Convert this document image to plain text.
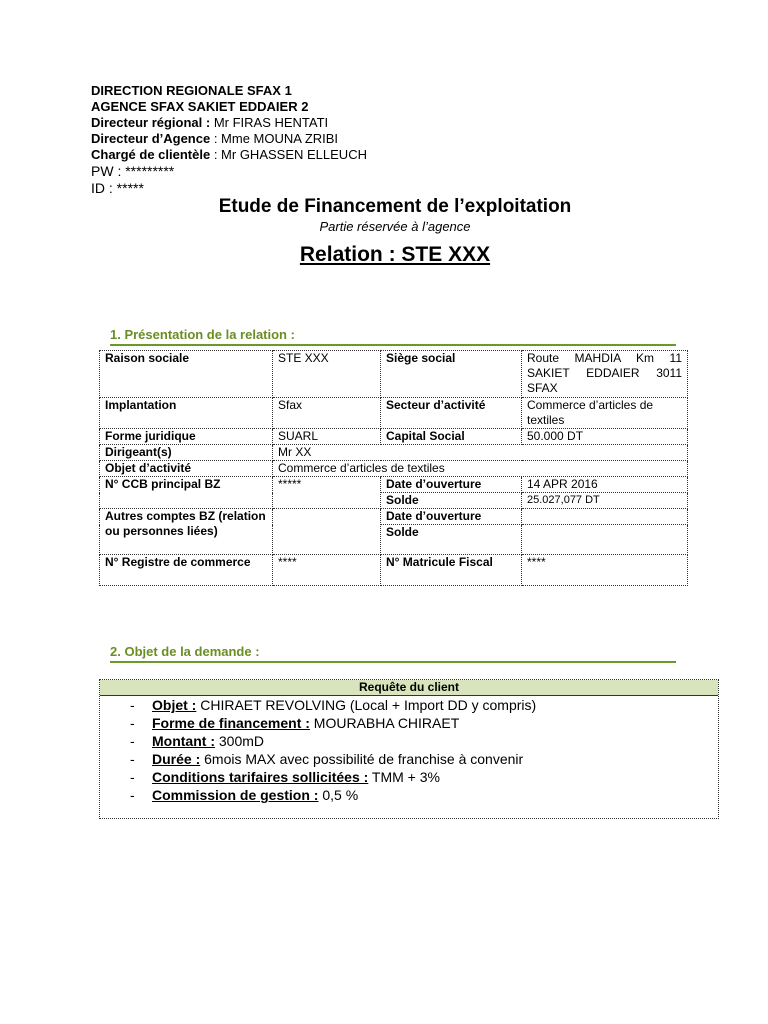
DIRECTION REGIONALE SFAX 1
AGENCE SFAX SAKIET EDDAIER 2
Directeur régional : Mr FIRAS HENTATI
Directeur d’Agence : Mme MOUNA ZRIBI
Chargé de clientèle : Mr GHASSEN ELLEUCH
PW : *********
ID : *****
Etude de Financement de l’exploitation
Partie réservée à l’agence
Relation : STE XXX
1. Présentation de la relation :
Raison sociale	STE XXX	Siège social	Route MAHDIA Km 11 SAKIET EDDAIER 3011 SFAX
Implantation	Sfax	Secteur d’activité	Commerce d’articles de textiles
Forme juridique	SUARL	Capital Social	50.000 DT
Dirigeant(s)	Mr XX		
Objet d’activité	Commerce d’articles de textiles		
N° CCB principal BZ	*****	Date d’ouverture	14 APR 2016
		Solde	25.027,077 DT
Autres comptes BZ (relation ou personnes liées)		Date d’ouverture	
		Solde	
N° Registre de commerce	****	N° Matricule Fiscal	****
2. Objet de la demande :
Requête du client
- Objet : CHIRAET REVOLVING (Local + Import DD y compris)
- Forme de financement : MOURABHA CHIRAET
- Montant : 300mD
- Durée : 6mois MAX avec possibilité de franchise à convenir
- Conditions tarifaires sollicitées : TMM + 3%
- Commission de gestion : 0,5 %
